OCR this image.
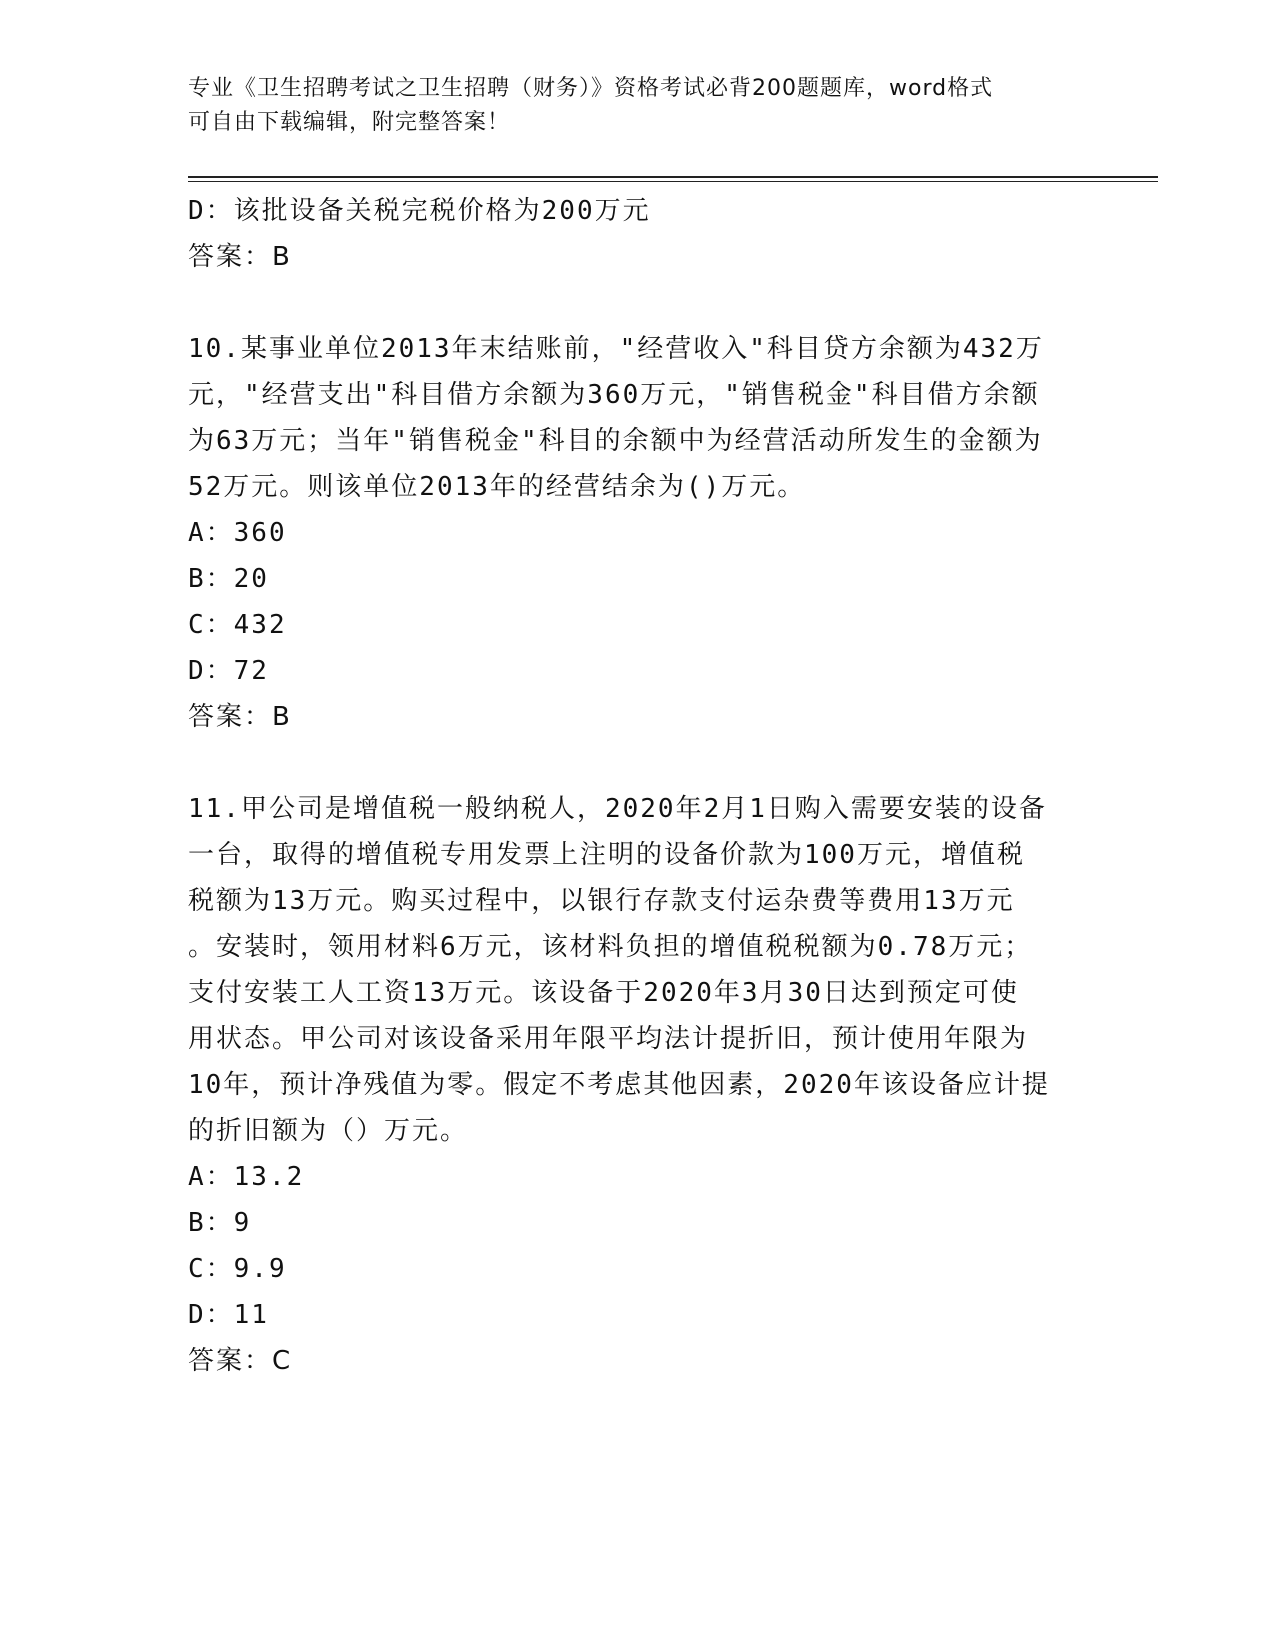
专业《卫生招聘考试之卫生招聘（财务）》资格考试必背200题题库，word格式
可自由下载编辑，附完整答案！
D：该批设备关税完税价格为200万元
答案：B
10.某事业单位2013年末结账前，"经营收入"科目贷方余额为432万
元，"经营支出"科目借方余额为360万元，"销售税金"科目借方余额
为63万元；当年"销售税金"科目的余额中为经营活动所发生的金额为
52万元。则该单位2013年的经营结余为()万元。
A：360
B：20
C：432
D：72
答案：B
11.甲公司是增值税一般纳税人，2020年2月1日购入需要安装的设备
一台，取得的增值税专用发票上注明的设备价款为100万元，增值税
税额为13万元。购买过程中，以银行存款支付运杂费等费用13万元
。安装时，领用材料6万元，该材料负担的增值税税额为0.78万元；
支付安装工人工资13万元。该设备于2020年3月30日达到预定可使
用状态。甲公司对该设备采用年限平均法计提折旧，预计使用年限为
10年，预计净残值为零。假定不考虑其他因素，2020年该设备应计提
的折旧额为（）万元。
A：13.2
B：9
C：9.9
D：11
答案：C
